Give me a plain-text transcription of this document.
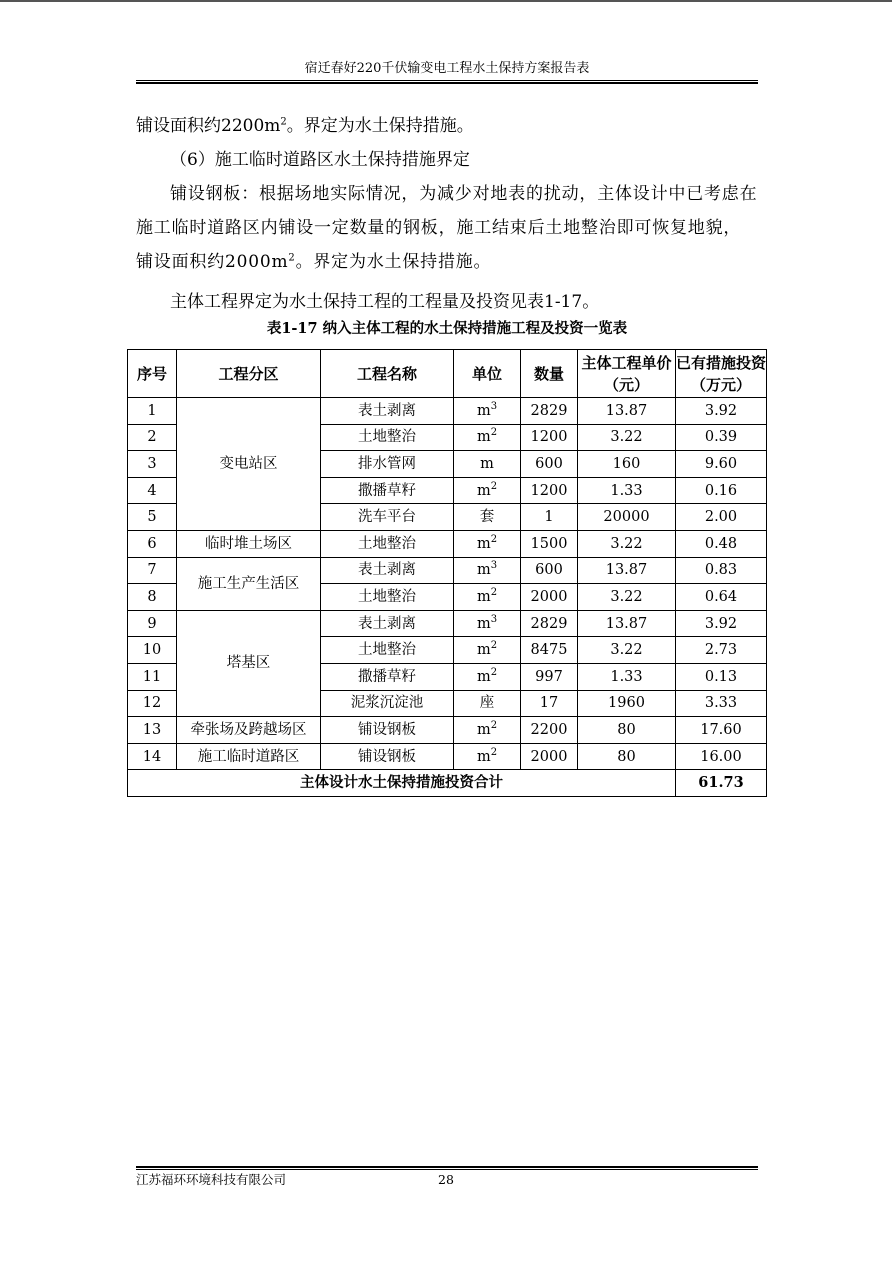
宿迁春好220千伏输变电工程水土保持方案报告表

铺设面积约$2200m^2$。界定为水土保持措施。

（6）施工临时道路区水土保持措施界定

铺设钢板：根据场地实际情况，为减少对地表的扰动，主体设计中已考虑在施工临时道路区内铺设一定数量的钢板，施工结束后土地整治即可恢复地貌，铺设面积约$2000m^2$。界定为水土保持措施。

主体工程界定为水土保持工程的工程量及投资见表1-17。

表1-17 纳入主体工程的水土保持措施工程及投资一览表
序号	工程分区	工程名称	单位	数量	主体工程单价（元）	已有措施投资（万元）
1	变电站区	表土剥离	$m^3$	2829	13.87	3.92
2		土地整治	$m^2$	1200	3.22	0.39
3		排水管网	m	600	160	9.60
4		撒播草籽	$m^2$	1200	1.33	0.16
5		洗车平台	套	1	20000	2.00
6	临时堆土场区	土地整治	$m^2$	1500	3.22	0.48
7	施工生产生活区	表土剥离	$m^3$	600	13.87	0.83
8		土地整治	$m^2$	2000	3.22	0.64
9	塔基区	表土剥离	$m^3$	2829	13.87	3.92
10		土地整治	$m^2$	8475	3.22	2.73
11		撒播草籽	$m^2$	997	1.33	0.13
12		泥浆沉淀池	座	17	1960	3.33
13	牵张场及跨越场区	铺设钢板	$m^2$	2200	80	17.60
14	施工临时道路区	铺设钢板	$m^2$	2000	80	16.00
主体设计水土保持措施投资合计						61.73
江苏福环环境科技有限公司	28
